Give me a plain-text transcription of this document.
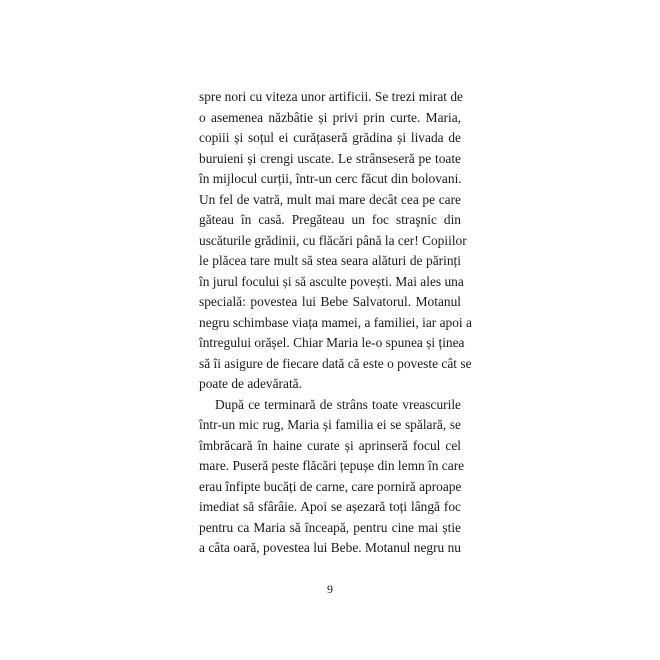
spre nori cu viteza unor artificii. Se trezi mirat de
o asemenea năzbâtie și privi prin curte. Maria,
copiii și soțul ei curățaseră grădina și livada de
buruieni și crengi uscate. Le strânseseră pe toate
în mijlocul curții, într-un cerc făcut din bolovani.
Un fel de vatră, mult mai mare decât cea pe care
găteau în casă. Pregăteau un foc straşnic din
uscăturile grădinii, cu flăcări până la cer! Copiilor
le plăcea tare mult să stea seara alături de părinți
în jurul focului și să asculte povești. Mai ales una
specială: povestea lui Bebe Salvatorul. Motanul
negru schimbase viața mamei, a familiei, iar apoi a
întregului orășel. Chiar Maria le-o spunea și ținea
să îi asigure de fiecare dată că este o poveste cât se
poate de adevărată.
După ce terminară de strâns toate vreascurile
într-un mic rug, Maria și familia ei se spălară, se
îmbrăcară în haine curate și aprinseră focul cel
mare. Puseră peste flăcări țepușe din lemn în care
erau înfipte bucăți de carne, care porniră aproape
imediat să sfârâie. Apoi se așezară toți lângă foc
pentru ca Maria să înceapă, pentru cine mai știe
a câta oară, povestea lui Bebe. Motanul negru nu
9
